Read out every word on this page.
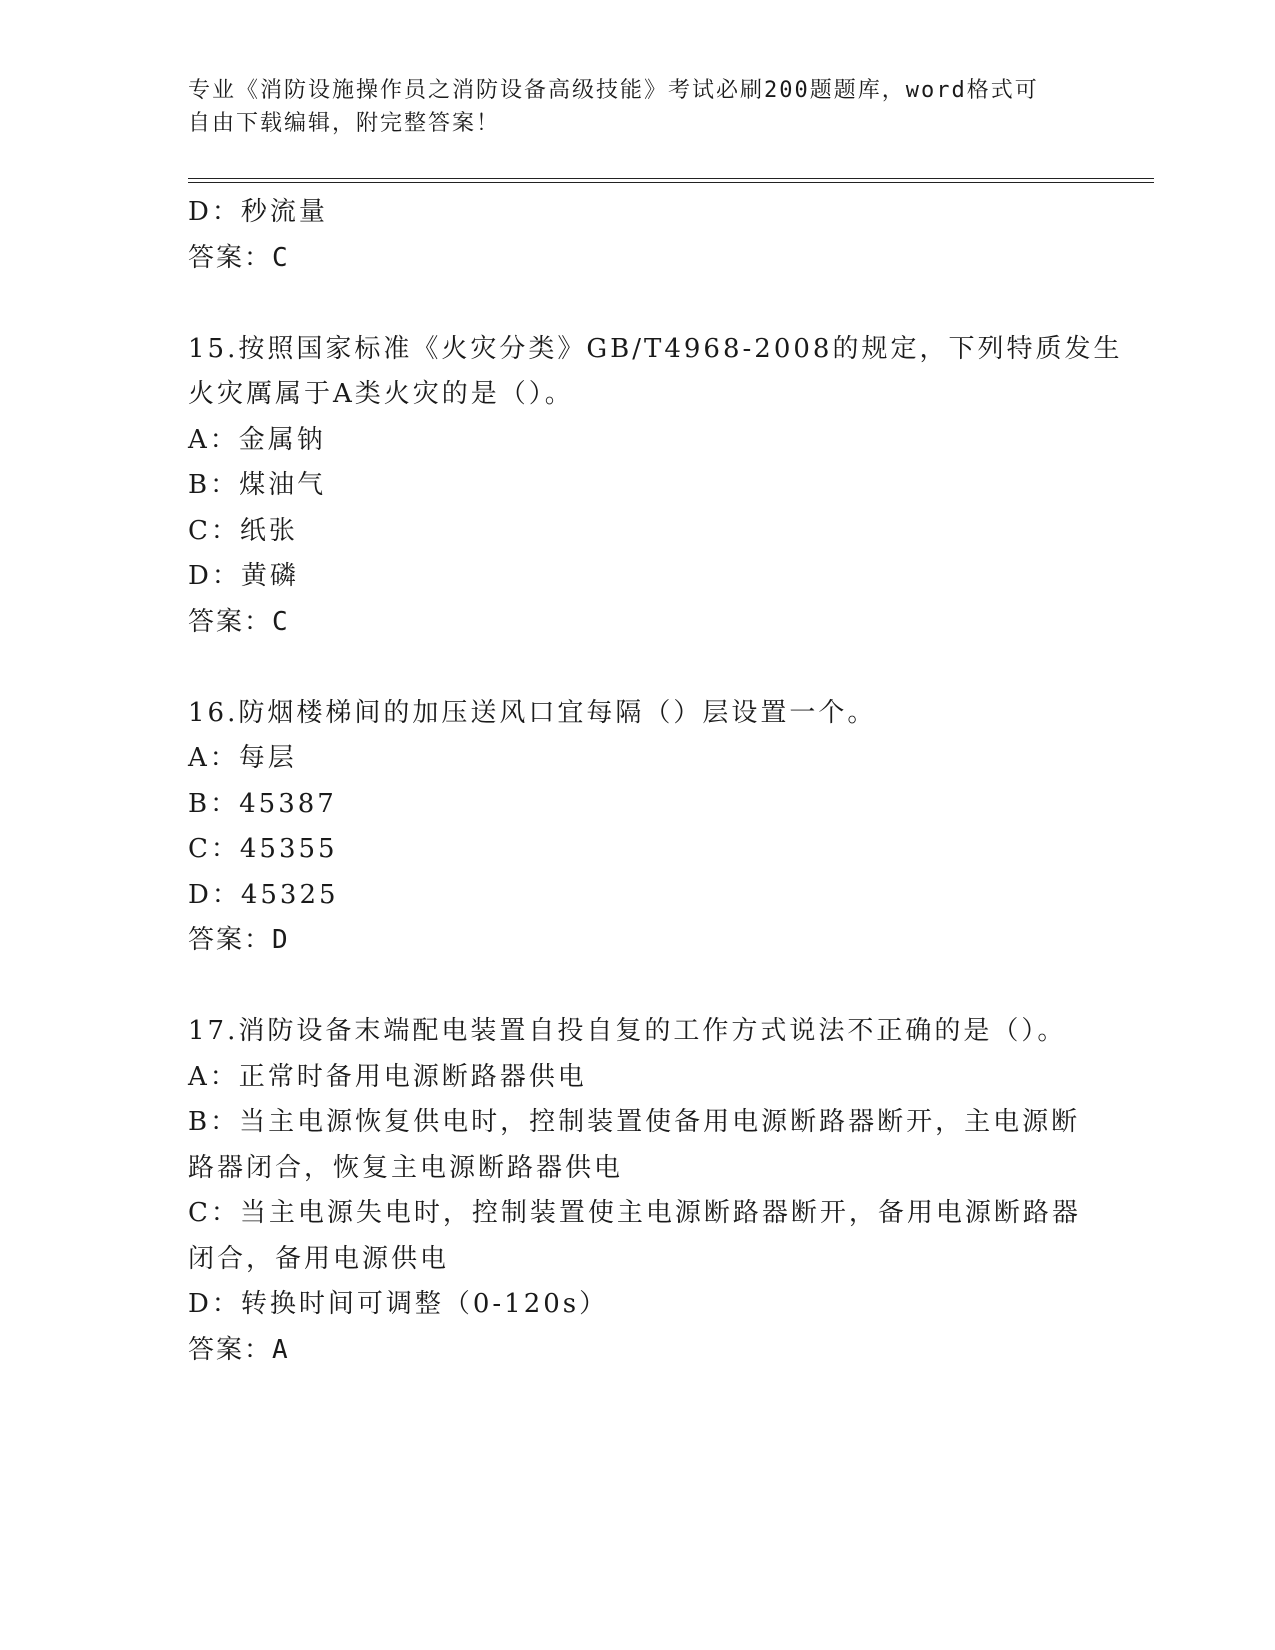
专业《消防设施操作员之消防设备高级技能》考试必刷200题题库，word格式可
自由下载编辑，附完整答案！
D：秒流量
答案：C
15.按照国家标准《火灾分类》GB/T4968-2008的规定，下列特质发生
火灾厲属于A类火灾的是（）。
A：金属钠
B：煤油气
C：纸张
D：黄磷
答案：C
16.防烟楼梯间的加压送风口宜每隔（）层设置一个。
A：每层
B：45387
C：45355
D：45325
答案：D
17.消防设备末端配电装置自投自复的工作方式说法不正确的是（）。
A：正常时备用电源断路器供电
B：当主电源恢复供电时，控制装置使备用电源断路器断开，主电源断
路器闭合，恢复主电源断路器供电
C：当主电源失电时，控制装置使主电源断路器断开，备用电源断路器
闭合，备用电源供电
D：转换时间可调整（0-120s）
答案：A
